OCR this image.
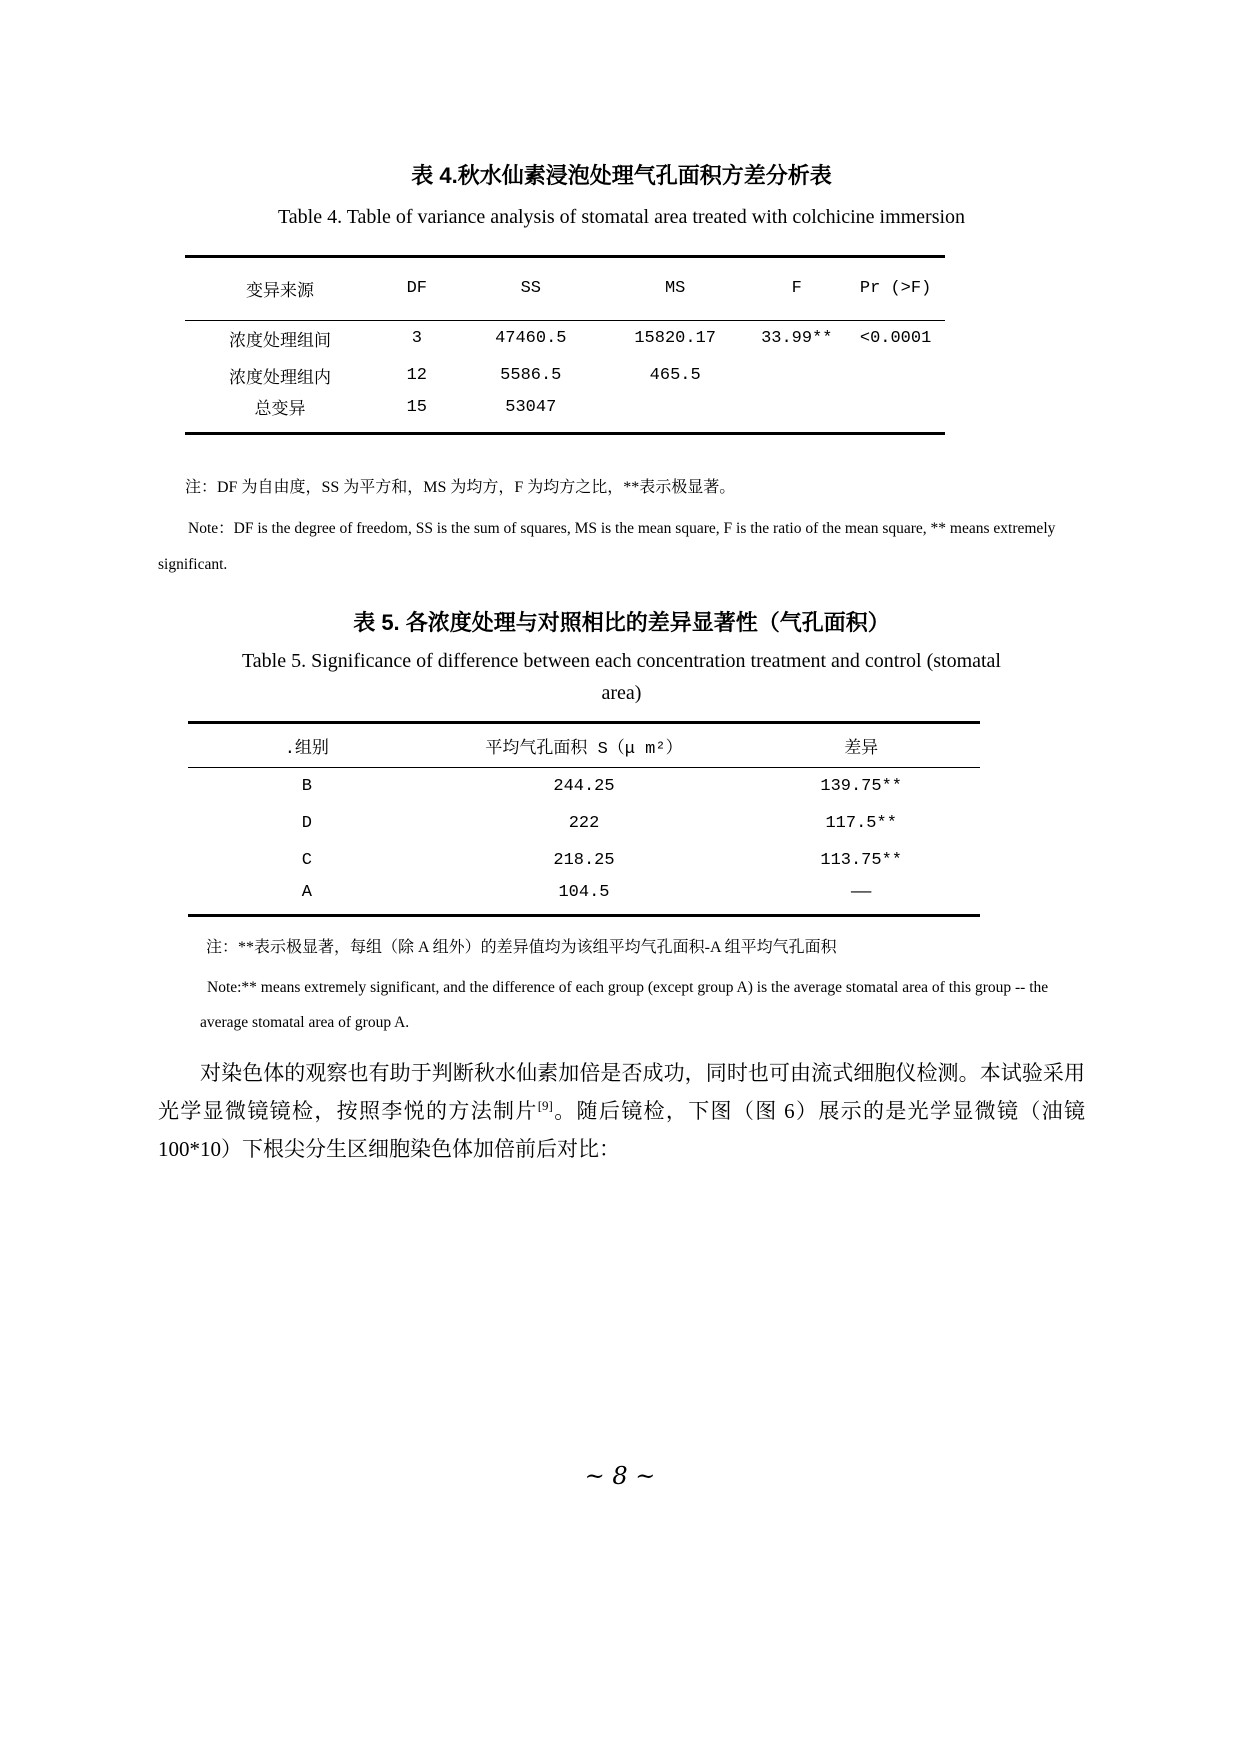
表 4.秋水仙素浸泡处理气孔面积方差分析表
Table 4. Table of variance analysis of stomatal area treated with colchicine immersion
变异来源	DF	SS	MS	F	Pr (>F)
浓度处理组间	3	47460.5	15820.17	33.99**	<0.0001
浓度处理组内	12	5586.5	465.5		
总变异	15	53047			
注：DF 为自由度，SS 为平方和，MS 为均方，F 为均方之比，**表示极显著。
Note：DF is the degree of freedom, SS is the sum of squares, MS is the mean square, F is the ratio of the mean square, ** means extremely significant.
表 5. 各浓度处理与对照相比的差异显著性（气孔面积）
Table 5. Significance of difference between each concentration treatment and control (stomatal area)
.组别	平均气孔面积 S（μ m²）	差异
B	244.25	139.75**
D	222	117.5**
C	218.25	113.75**
A	104.5	——
注：**表示极显著，每组（除 A 组外）的差异值均为该组平均气孔面积-A 组平均气孔面积
Note:** means extremely significant, and the difference of each group (except group A) is the average stomatal area of this group -- the average stomatal area of group A.

对染色体的观察也有助于判断秋水仙素加倍是否成功，同时也可由流式细胞仪检测。本试验采用光学显微镜镜检，按照李悦的方法制片[9]。随后镜检，下图（图 6）展示的是光学显微镜（油镜 100*10）下根尖分生区细胞染色体加倍前后对比：

~ 8 ~
